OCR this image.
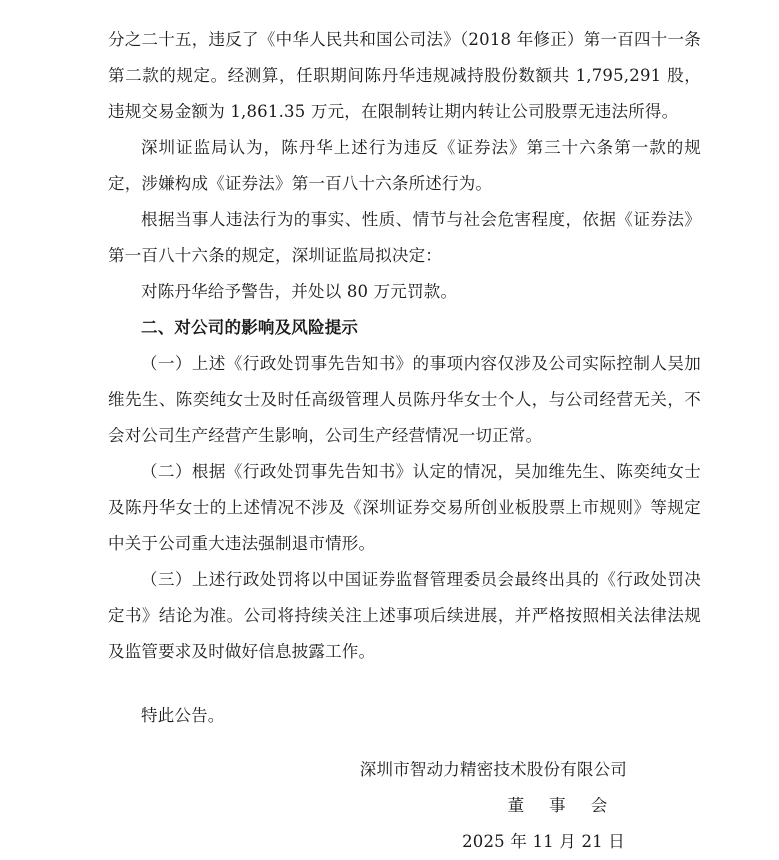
分之二十五，违反了《中华人民共和国公司法》（2018 年修正）第一百四十一条第二款的规定。经测算，任职期间陈丹华违规减持股份数额共 1,795,291 股，违规交易金额为 1,861.35 万元，在限制转让期内转让公司股票无违法所得。

深圳证监局认为，陈丹华上述行为违反《证券法》第三十六条第一款的规定，涉嫌构成《证券法》第一百八十六条所述行为。

根据当事人违法行为的事实、性质、情节与社会危害程度，依据《证券法》第一百八十六条的规定，深圳证监局拟决定：

对陈丹华给予警告，并处以 80 万元罚款。

二、对公司的影响及风险提示

（一）上述《行政处罚事先告知书》的事项内容仅涉及公司实际控制人吴加维先生、陈奕纯女士及时任高级管理人员陈丹华女士个人，与公司经营无关，不会对公司生产经营产生影响，公司生产经营情况一切正常。

（二）根据《行政处罚事先告知书》认定的情况，吴加维先生、陈奕纯女士及陈丹华女士的上述情况不涉及《深圳证券交易所创业板股票上市规则》等规定中关于公司重大违法强制退市情形。

（三）上述行政处罚将以中国证券监督管理委员会最终出具的《行政处罚决定书》结论为准。公司将持续关注上述事项后续进展，并严格按照相关法律法规及监管要求及时做好信息披露工作。

特此公告。

深圳市智动力精密技术股份有限公司
董 事 会
2025 年 11 月 21 日
